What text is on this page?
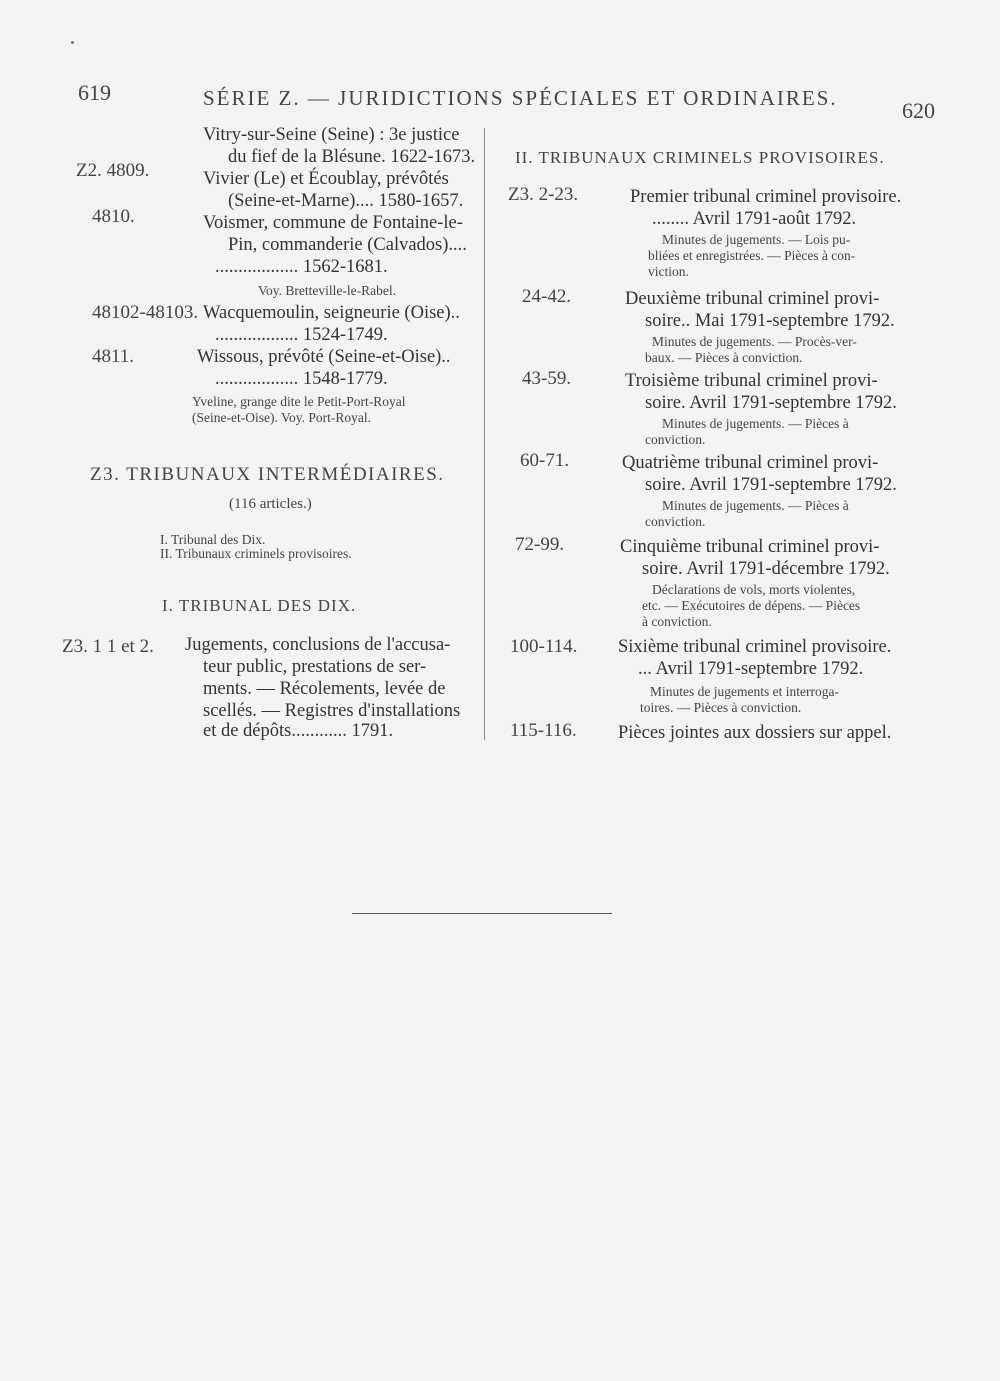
619	SÉRIE Z. — JURIDICTIONS SPÉCIALES ET ORDINAIRES.	620
Vitry-sur-Seine (Seine) : 3e justice
du fief de la Blésune. 1622-1673.
Z2. 4809.	Vivier (Le) et Écoublay, prévôtés
(Seine-et-Marne).... 1580-1657.
4810.	Voismer, commune de Fontaine-le-
Pin, commanderie (Calvados)....
.................. 1562-1681.
Voy. Bretteville-le-Rabel.
48102-48103. Wacquemoulin, seigneurie (Oise)..
.................. 1524-1749.
4811.	Wissous, prévôté (Seine-et-Oise)..
.................. 1548-1779.
Yveline, grange dite le Petit-Port-Royal
(Seine-et-Oise). Voy. Port-Royal.
Z3. TRIBUNAUX INTERMÉDIAIRES.
(116 articles.)
I. Tribunal des Dix.
II. Tribunaux criminels provisoires.
I. TRIBUNAL DES DIX.
Z3. 1 1 et 2. Jugements, conclusions de l'accusa-
teur public, prestations de ser-
ments. — Récolements, levée de
scellés. — Registres d'installations
et de dépôts............ 1791.
II. TRIBUNAUX CRIMINELS PROVISOIRES.
Z3. 2-23.	Premier tribunal criminel provisoire.
........ Avril 1791-août 1792.
Minutes de jugements. — Lois pu-
bliées et enregistrées. — Pièces à con-
viction.
24-42.	Deuxième tribunal criminel provi-
soire.. Mai 1791-septembre 1792.
Minutes de jugements. — Procès-ver-
baux. — Pièces à conviction.
43-59.	Troisième tribunal criminel provi-
soire. Avril 1791-septembre 1792.
Minutes de jugements. — Pièces à
conviction.
60-71.	Quatrième tribunal criminel provi-
soire. Avril 1791-septembre 1792.
Minutes de jugements. — Pièces à
conviction.
72-99.	Cinquième tribunal criminel provi-
soire. Avril 1791-décembre 1792.
Déclarations de vols, morts violentes,
etc. — Exécutoires de dépens. — Pièces
à conviction.
100-114. Sixième tribunal criminel provisoire.
... Avril 1791-septembre 1792.
Minutes de jugements et interroga-
toires. — Pièces à conviction.
115-116. Pièces jointes aux dossiers sur appel.
